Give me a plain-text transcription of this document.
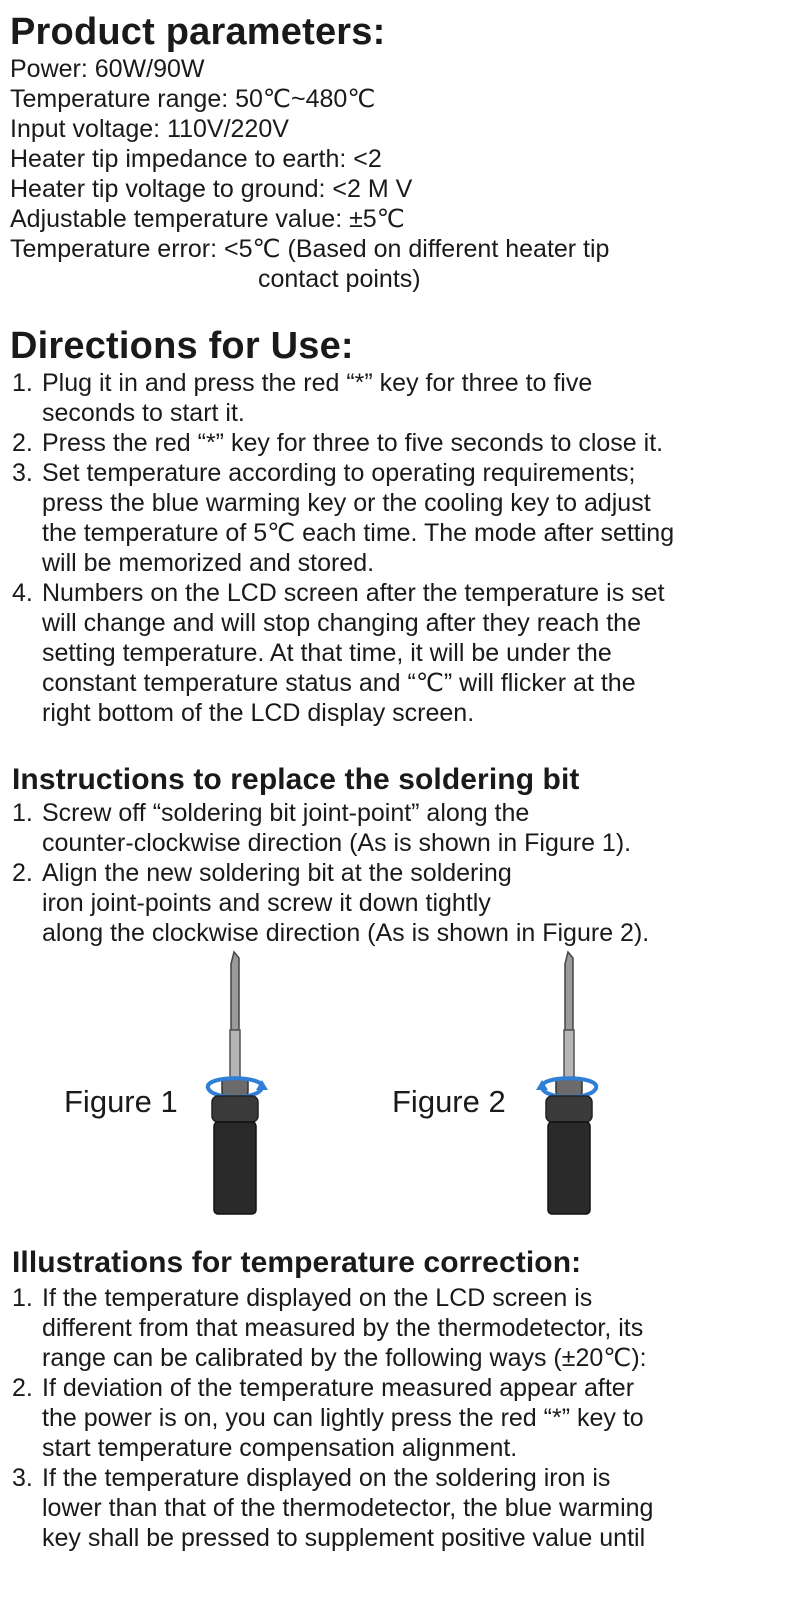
Product parameters:
Power: 60W/90W
Temperature range: 50℃~480℃
Input voltage: 110V/220V
Heater tip impedance to earth: <2
Heater tip voltage to ground: <2 M V
Adjustable temperature value: ±5℃
Temperature error: <5℃ (Based on different heater tip
contact points)
Directions for Use:
1. Plug it in and press the red “*” key for three to five
seconds to start it.
2. Press the red “*” key for three to five seconds to close it.
3. Set temperature according to operating requirements;
press the blue warming key or the cooling key to adjust
the temperature of 5℃ each time. The mode after setting
will be memorized and stored.
4. Numbers on the LCD screen after the temperature is set
will change and will stop changing after they reach the
setting temperature. At that time, it will be under the
constant temperature status and “℃” will flicker at the
right bottom of the LCD display screen.
Instructions to replace the soldering bit
1. Screw off “soldering bit joint-point” along the
counter-clockwise direction (As is shown in Figure 1).
2. Align the new soldering bit at the soldering
iron joint-points and screw it down tightly
along the clockwise direction (As is shown in Figure 2).
Figure 1	Figure 2
Illustrations for temperature correction:
1. If the temperature displayed on the LCD screen is
different from that measured by the thermodetector, its
range can be calibrated by the following ways (±20℃):
2. If deviation of the temperature measured appear after
the power is on, you can lightly press the red “*” key to
start temperature compensation alignment.
3. If the temperature displayed on the soldering iron is
lower than that of the thermodetector, the blue warming
key shall be pressed to supplement positive value until
